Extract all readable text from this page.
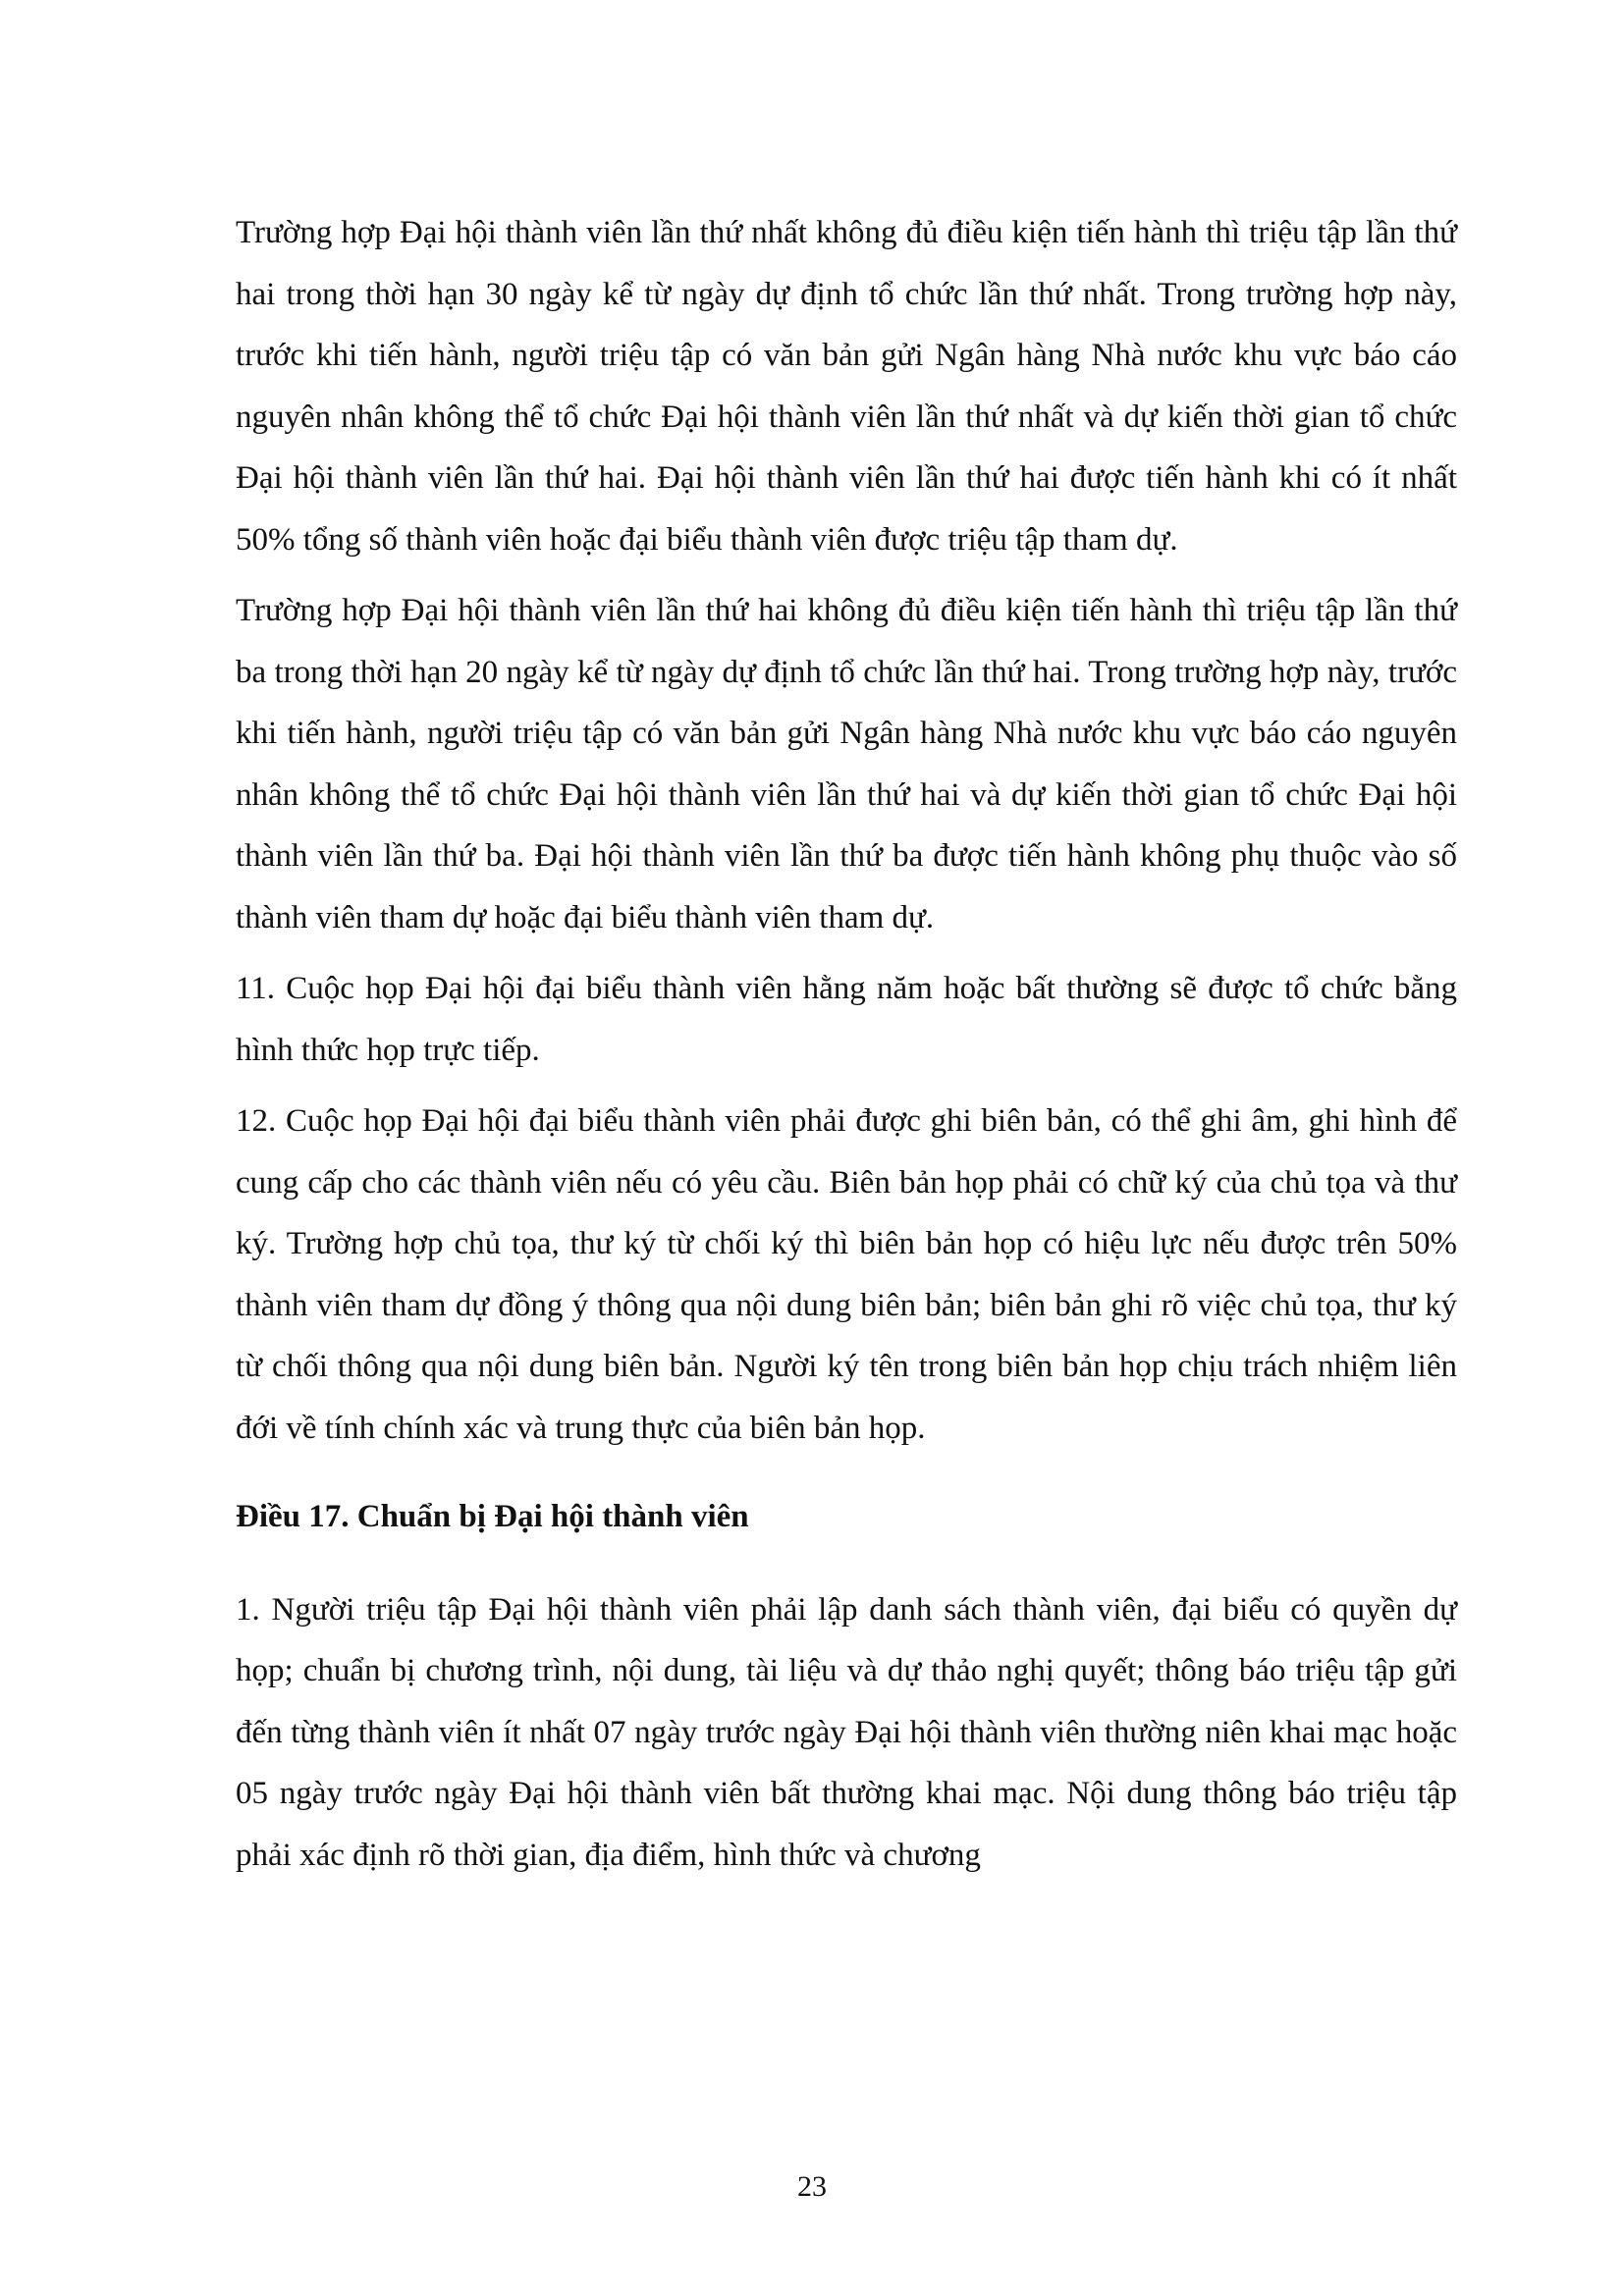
Trường hợp Đại hội thành viên lần thứ nhất không đủ điều kiện tiến hành thì triệu tập lần thứ hai trong thời hạn 30 ngày kể từ ngày dự định tổ chức lần thứ nhất. Trong trường hợp này, trước khi tiến hành, người triệu tập có văn bản gửi Ngân hàng Nhà nước khu vực báo cáo nguyên nhân không thể tổ chức Đại hội thành viên lần thứ nhất và dự kiến thời gian tổ chức Đại hội thành viên lần thứ hai. Đại hội thành viên lần thứ hai được tiến hành khi có ít nhất 50% tổng số thành viên hoặc đại biểu thành viên được triệu tập tham dự.

Trường hợp Đại hội thành viên lần thứ hai không đủ điều kiện tiến hành thì triệu tập lần thứ ba trong thời hạn 20 ngày kể từ ngày dự định tổ chức lần thứ hai. Trong trường hợp này, trước khi tiến hành, người triệu tập có văn bản gửi Ngân hàng Nhà nước khu vực báo cáo nguyên nhân không thể tổ chức Đại hội thành viên lần thứ hai và dự kiến thời gian tổ chức Đại hội thành viên lần thứ ba. Đại hội thành viên lần thứ ba được tiến hành không phụ thuộc vào số thành viên tham dự hoặc đại biểu thành viên tham dự.

11. Cuộc họp Đại hội đại biểu thành viên hằng năm hoặc bất thường sẽ được tổ chức bằng hình thức họp trực tiếp.

12. Cuộc họp Đại hội đại biểu thành viên phải được ghi biên bản, có thể ghi âm, ghi hình để cung cấp cho các thành viên nếu có yêu cầu. Biên bản họp phải có chữ ký của chủ tọa và thư ký. Trường hợp chủ tọa, thư ký từ chối ký thì biên bản họp có hiệu lực nếu được trên 50% thành viên tham dự đồng ý thông qua nội dung biên bản; biên bản ghi rõ việc chủ tọa, thư ký từ chối thông qua nội dung biên bản. Người ký tên trong biên bản họp chịu trách nhiệm liên đới về tính chính xác và trung thực của biên bản họp.

Điều 17. Chuẩn bị Đại hội thành viên

1. Người triệu tập Đại hội thành viên phải lập danh sách thành viên, đại biểu có quyền dự họp; chuẩn bị chương trình, nội dung, tài liệu và dự thảo nghị quyết; thông báo triệu tập gửi đến từng thành viên ít nhất 07 ngày trước ngày Đại hội thành viên thường niên khai mạc hoặc 05 ngày trước ngày Đại hội thành viên bất thường khai mạc. Nội dung thông báo triệu tập phải xác định rõ thời gian, địa điểm, hình thức và chương

23
